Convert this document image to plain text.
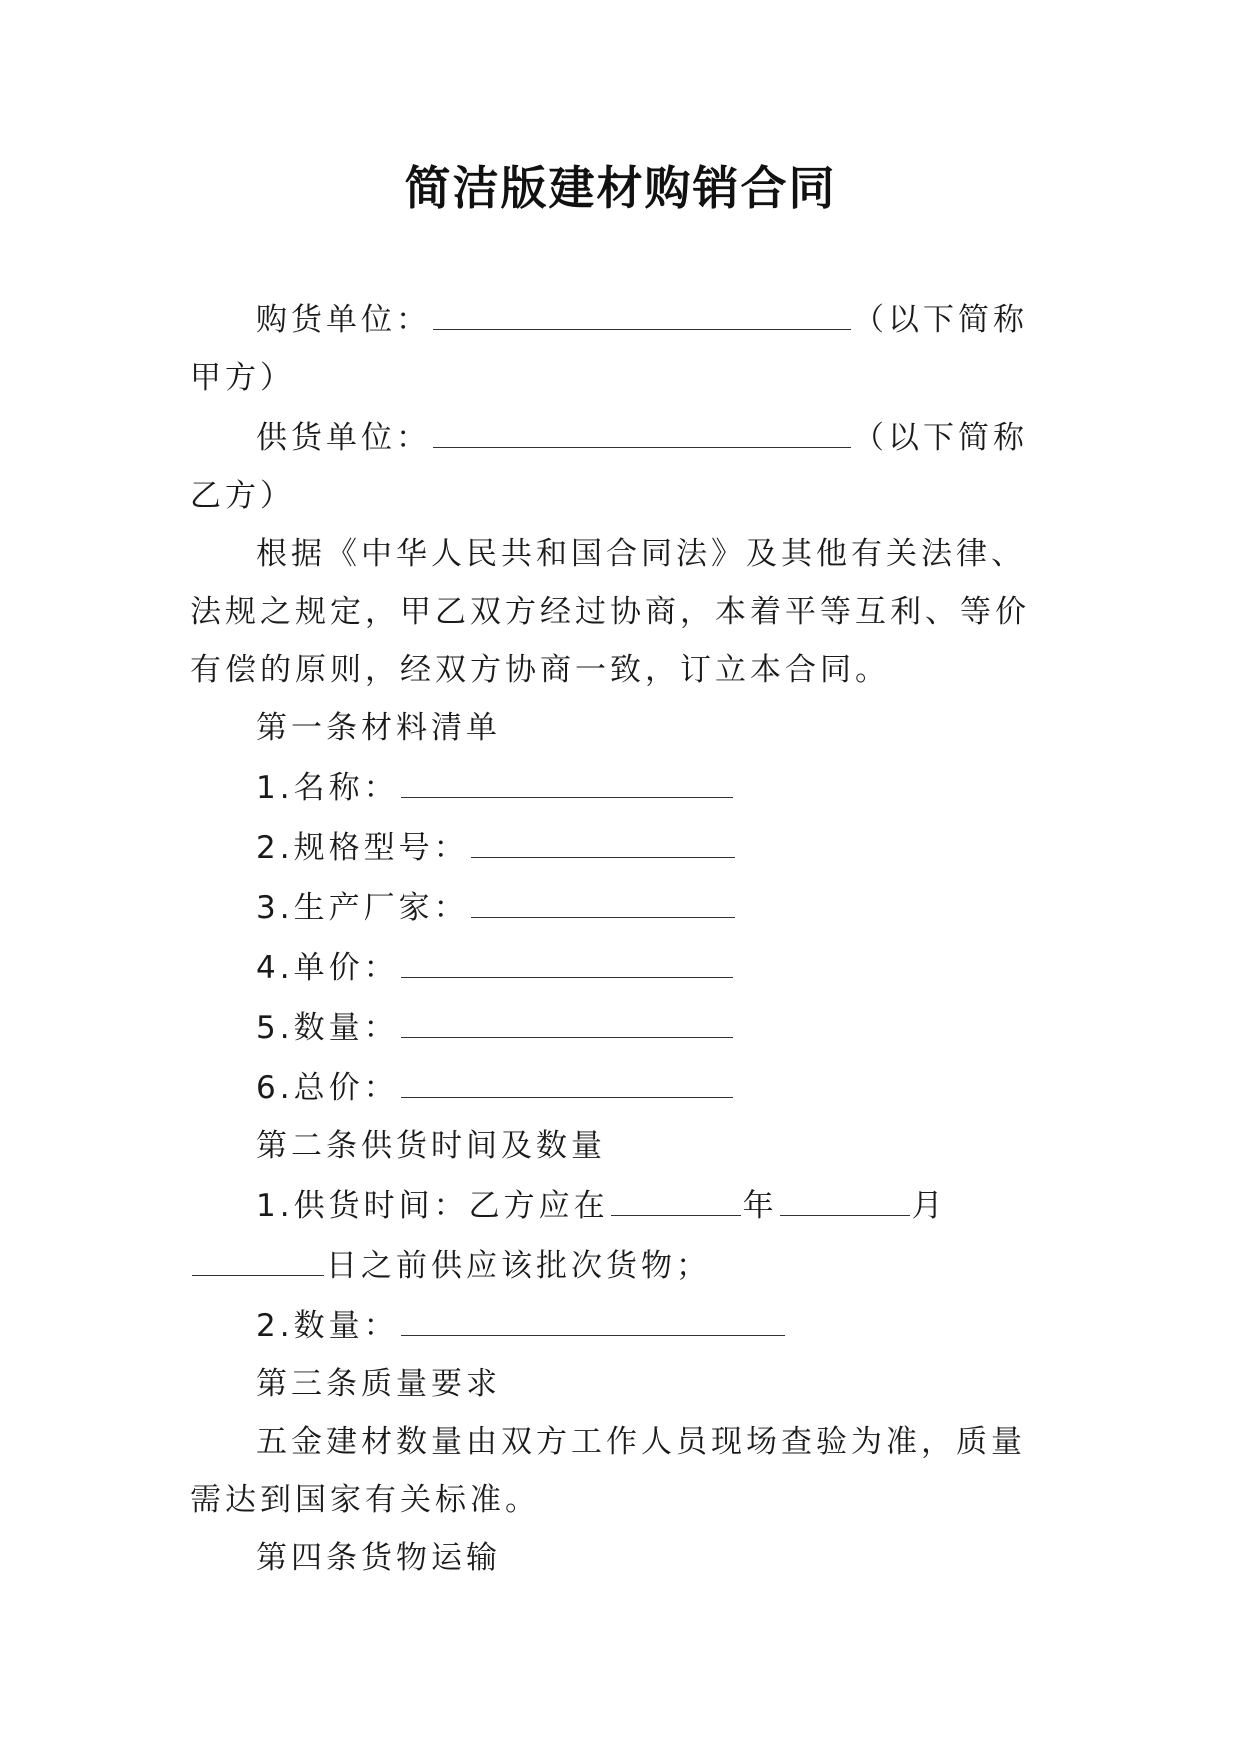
简洁版建材购销合同

购货单位：	（以下简称甲方）

供货单位：	（以下简称乙方）

根据《中华人民共和国合同法》及其他有关法律、法规之规定，甲乙双方经过协商，本着平等互利、等价有偿的原则，经双方协商一致，订立本合同。

第一条材料清单

1.名称：

2.规格型号：

3.生产厂家：

4.单价：

5.数量：

6.总价：

第二条供货时间及数量

1.供货时间：乙方应在	年	月日之前供应该批次货物；

2.数量：

第三条质量要求

五金建材数量由双方工作人员现场查验为准，质量需达到国家有关标准。

第四条货物运输
